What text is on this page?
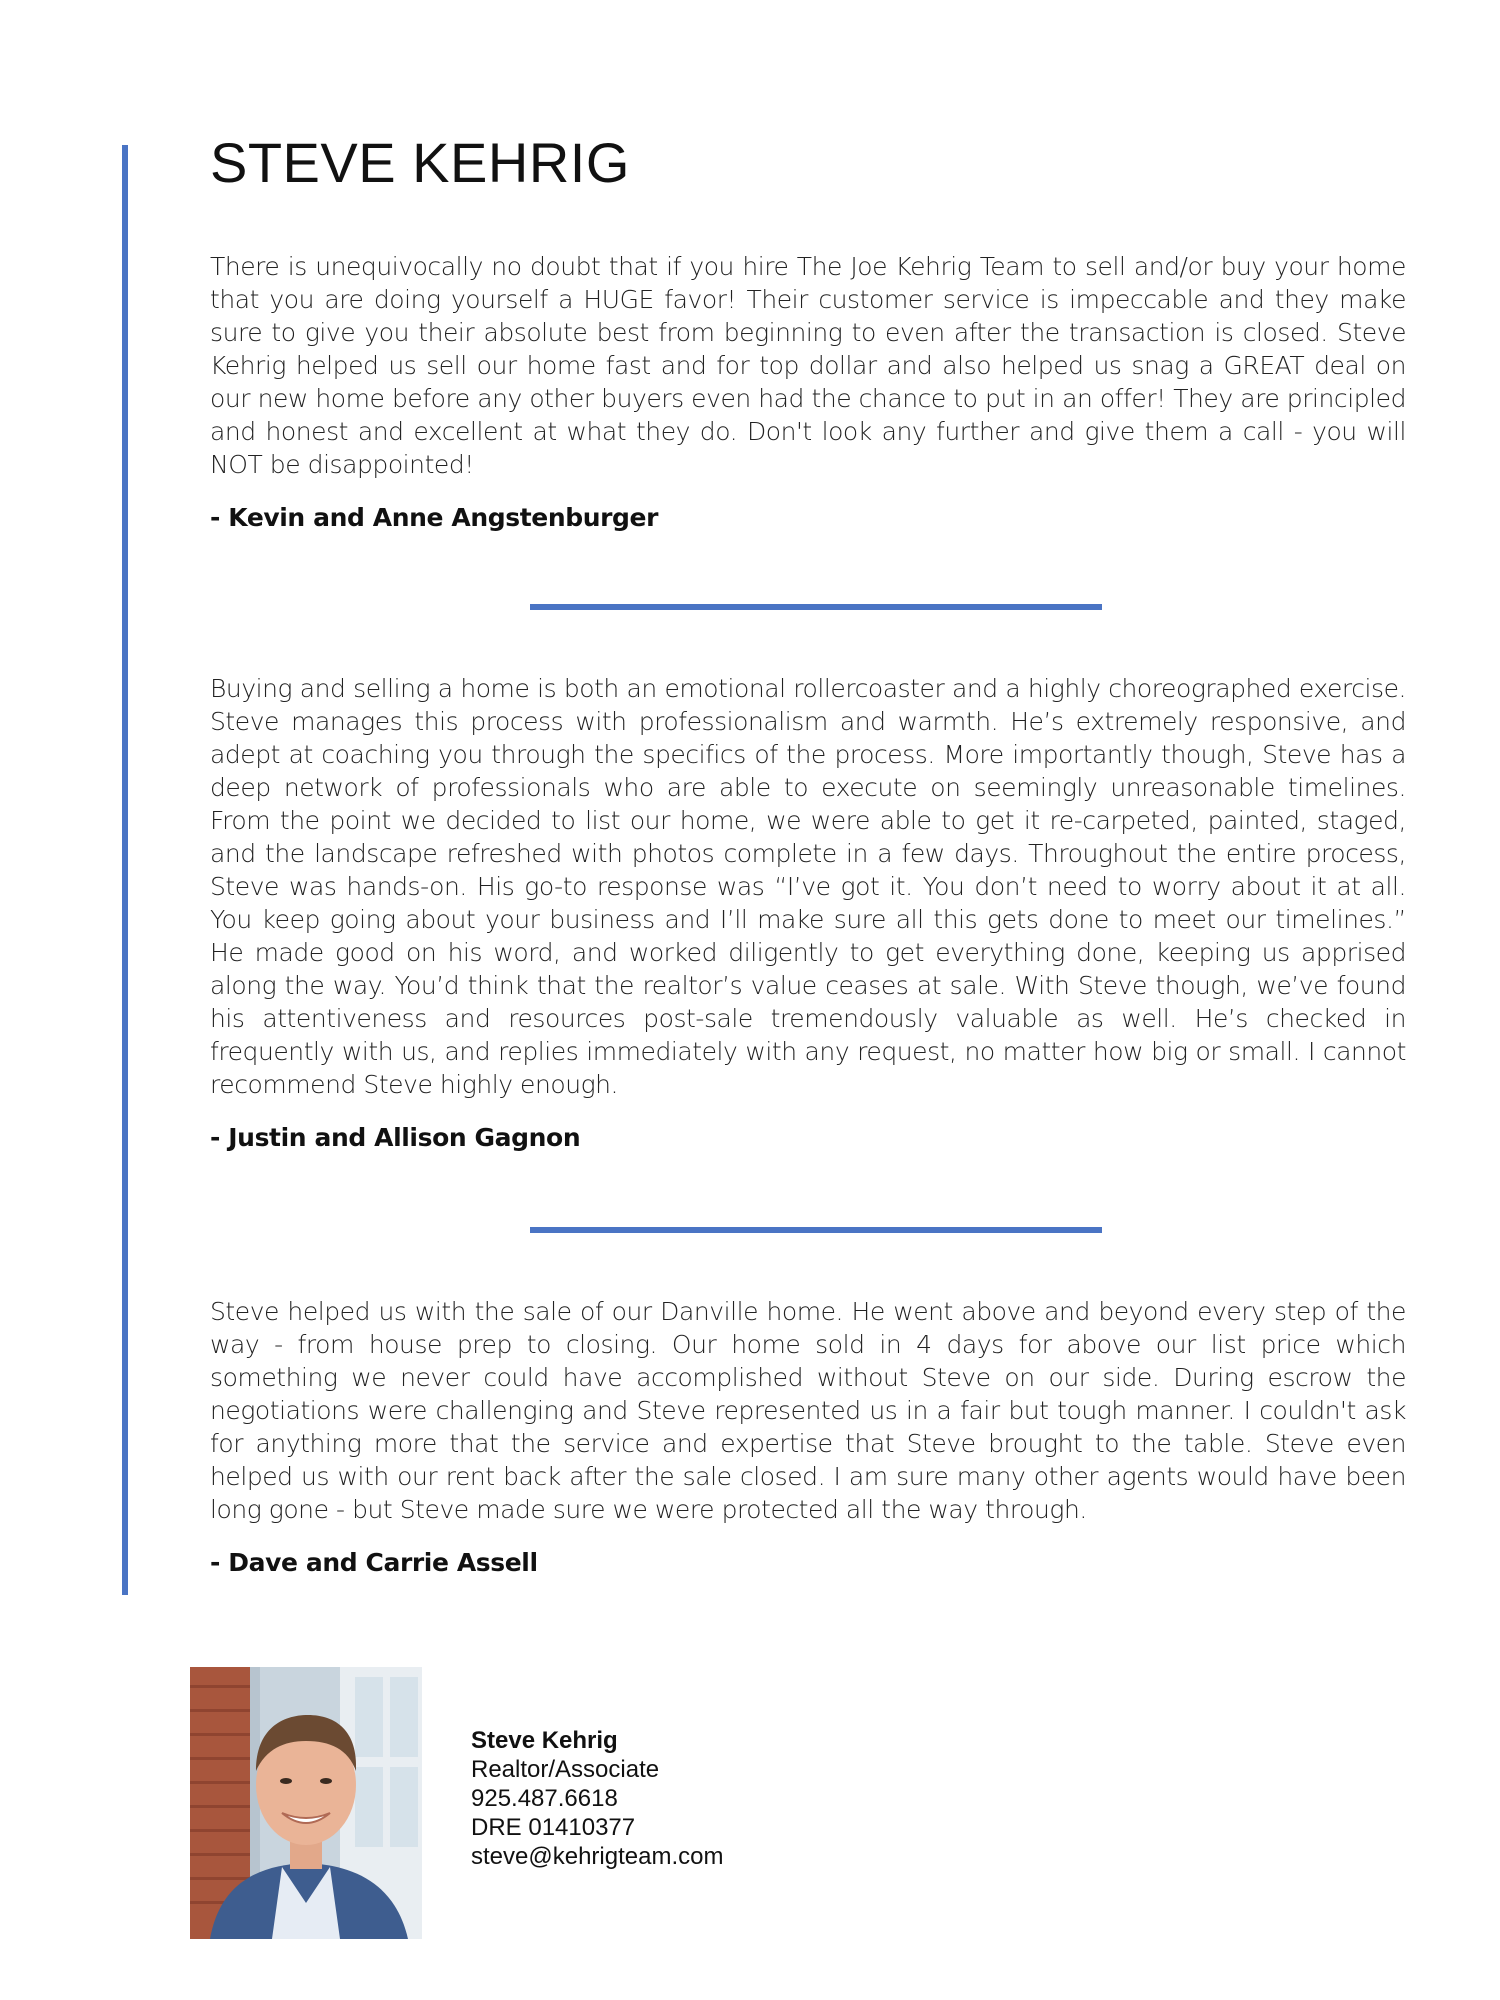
STEVE KEHRIG

There is unequivocally no doubt that if you hire The Joe Kehrig Team to sell and/or buy your home that you are doing yourself a HUGE favor! Their customer service is impeccable and they make sure to give you their absolute best from beginning to even after the transaction is closed. Steve Kehrig helped us sell our home fast and for top dollar and also helped us snag a GREAT deal on our new home before any other buyers even had the chance to put in an offer! They are principled and honest and excellent at what they do. Don't look any further and give them a call - you will NOT be disappointed!

- Kevin and Anne Angstenburger

Buying and selling a home is both an emotional rollercoaster and a highly choreographed exercise. Steve manages this process with professionalism and warmth. He’s extremely responsive, and adept at coaching you through the specifics of the process. More importantly though, Steve has a deep network of professionals who are able to execute on seemingly unreasonable timelines. From the point we decided to list our home, we were able to get it re-carpeted, painted, staged, and the landscape refreshed with photos complete in a few days. Throughout the entire process, Steve was hands-on. His go-to response was “I’ve got it. You don’t need to worry about it at all. You keep going about your business and I’ll make sure all this gets done to meet our timelines.” He made good on his word, and worked diligently to get everything done, keeping us apprised along the way. You’d think that the realtor’s value ceases at sale. With Steve though, we’ve found his attentiveness and resources post-sale tremendously valuable as well. He’s checked in frequently with us, and replies immediately with any request, no matter how big or small. I cannot recommend Steve highly enough.

- Justin and Allison Gagnon

Steve helped us with the sale of our Danville home. He went above and beyond every step of the way - from house prep to closing. Our home sold in 4 days for above our list price which something we never could have accomplished without Steve on our side. During escrow the negotiations were challenging and Steve represented us in a fair but tough manner. I couldn't ask for anything more that the service and expertise that Steve brought to the table. Steve even helped us with our rent back after the sale closed. I am sure many other agents would have been long gone - but Steve made sure we were protected all the way through.

- Dave and Carrie Assell

Steve Kehrig
Realtor/Associate
925.487.6618
DRE 01410377
steve@kehrigteam.com
